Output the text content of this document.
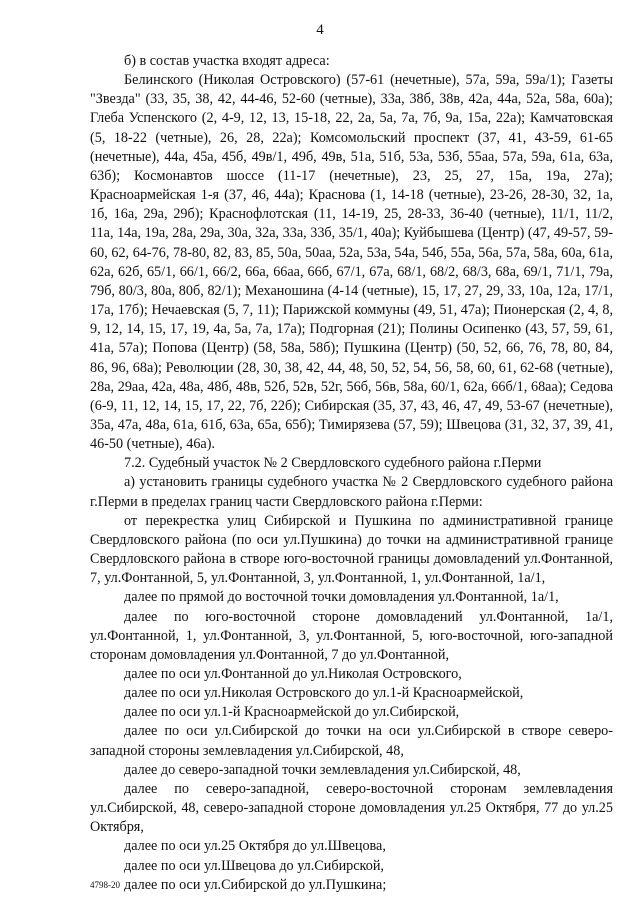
4

б) в состав участка входят адреса:

Белинского (Николая Островского) (57-61 (нечетные), 57а, 59а, 59а/1); Газеты "Звезда" (33, 35, 38, 42, 44-46, 52-60 (четные), 33а, 38б, 38в, 42а, 44а, 52а, 58а, 60а); Глеба Успенского (2, 4-9, 12, 13, 15-18, 22, 2а, 5а, 7а, 7б, 9а, 15а, 22а); Камчатовская (5, 18-22 (четные), 26, 28, 22а); Комсомольский проспект (37, 41, 43-59, 61-65 (нечетные), 44а, 45а, 45б, 49в/1, 49б, 49в, 51а, 51б, 53а, 53б, 55аа, 57а, 59а, 61а, 63а, 63б); Космонавтов шоссе (11-17 (нечетные), 23, 25, 27, 15а, 19а, 27а); Красноармейская 1-я (37, 46, 44а); Краснова (1, 14-18 (четные), 23-26, 28-30, 32, 1а, 1б, 16а, 29а, 29б); Краснофлотская (11, 14-19, 25, 28-33, 36-40 (четные), 11/1, 11/2, 11а, 14а, 19а, 28а, 29а, 30а, 32а, 33а, 33б, 35/1, 40а); Куйбышева (Центр) (47, 49-57, 59-60, 62, 64-76, 78-80, 82, 83, 85, 50а, 50аа, 52а, 53а, 54а, 54б, 55а, 56а, 57а, 58а, 60а, 61а, 62а, 62б, 65/1, 66/1, 66/2, 66а, 66аа, 66б, 67/1, 67а, 68/1, 68/2, 68/3, 68а, 69/1, 71/1, 79а, 79б, 80/3, 80а, 80б, 82/1); Механошина (4-14 (четные), 15, 17, 27, 29, 33, 10а, 12а, 17/1, 17а, 17б); Нечаевская (5, 7, 11); Парижской коммуны (49, 51, 47а); Пионерская (2, 4, 8, 9, 12, 14, 15, 17, 19, 4а, 5а, 7а, 17а); Подгорная (21); Полины Осипенко (43, 57, 59, 61, 41а, 57а); Попова (Центр) (58, 58а, 58б); Пушкина (Центр) (50, 52, 66, 76, 78, 80, 84, 86, 96, 68а); Революции (28, 30, 38, 42, 44, 48, 50, 52, 54, 56, 58, 60, 61, 62-68 (четные), 28а, 29аа, 42а, 48а, 48б, 48в, 52б, 52в, 52г, 56б, 56в, 58а, 60/1, 62а, 66б/1, 68аа); Седова (6-9, 11, 12, 14, 15, 17, 22, 7б, 22б); Сибирская (35, 37, 43, 46, 47, 49, 53-67 (нечетные), 35а, 47а, 48а, 61а, 61б, 63а, 65а, 65б); Тимирязева (57, 59); Швецова (31, 32, 37, 39, 41, 46-50 (четные), 46а).

7.2. Судебный участок № 2 Свердловского судебного района г.Перми

а) установить границы судебного участка № 2 Свердловского судебного района г.Перми в пределах границ части Свердловского района г.Перми:

от перекрестка улиц Сибирской и Пушкина по административной границе Свердловского района (по оси ул.Пушкина) до точки на административной границе Свердловского района в створе юго-восточной границы домовладений ул.Фонтанной, 7, ул.Фонтанной, 5, ул.Фонтанной, 3, ул.Фонтанной, 1, ул.Фонтанной, 1а/1,

далее по прямой до восточной точки домовладения ул.Фонтанной, 1а/1,

далее по юго-восточной стороне домовладений ул.Фонтанной, 1а/1, ул.Фонтанной, 1, ул.Фонтанной, 3, ул.Фонтанной, 5, юго-восточной, юго-западной сторонам домовладения ул.Фонтанной, 7 до ул.Фонтанной,

далее по оси ул.Фонтанной до ул.Николая Островского,

далее по оси ул.Николая Островского до ул.1-й Красноармейской,

далее по оси ул.1-й Красноармейской до ул.Сибирской,

далее по оси ул.Сибирской до точки на оси ул.Сибирской в створе северо-западной стороны землевладения ул.Сибирской, 48,

далее до северо-западной точки землевладения ул.Сибирской, 48,

далее по северо-западной, северо-восточной сторонам землевладения ул.Сибирской, 48, северо-западной стороне домовладения ул.25 Октября, 77 до ул.25 Октября,

далее по оси ул.25 Октября до ул.Швецова,

далее по оси ул.Швецова до ул.Сибирской,

далее по оси ул.Сибирской до ул.Пушкина;

4798-20
